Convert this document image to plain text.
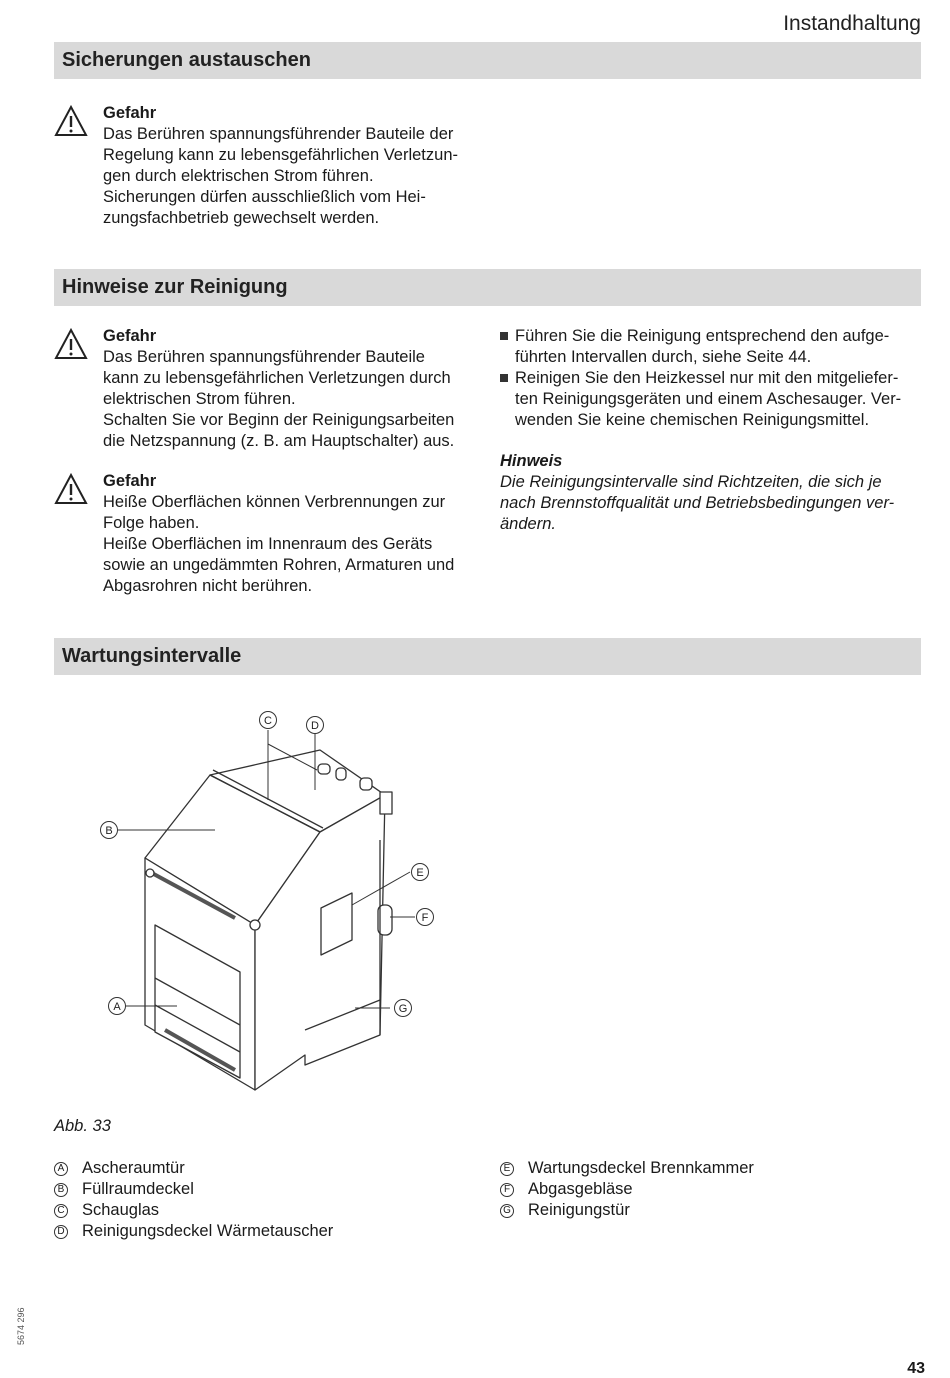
Instandhaltung
Sicherungen austauschen
Gefahr
Das Berühren spannungsführender Bauteile der
Regelung kann zu lebensgefährlichen Verletzun-
gen durch elektrischen Strom führen.
Sicherungen dürfen ausschließlich vom Hei-
zungsfachbetrieb gewechselt werden.
Hinweise zur Reinigung
Gefahr
Das Berühren spannungsführender Bauteile
kann zu lebensgefährlichen Verletzungen durch
elektrischen Strom führen.
Schalten Sie vor Beginn der Reinigungsarbeiten
die Netzspannung (z. B. am Hauptschalter) aus.
Gefahr
Heiße Oberflächen können Verbrennungen zur
Folge haben.
Heiße Oberflächen im Innenraum des Geräts
sowie an ungedämmten Rohren, Armaturen und
Abgasrohren nicht berühren.
Führen Sie die Reinigung entsprechend den aufge-
führten Intervallen durch, siehe Seite 44.
Reinigen Sie den Heizkessel nur mit den mitgeliefer-
ten Reinigungsgeräten und einem Aschesauger. Ver-
wenden Sie keine chemischen Reinigungsmittel.
Hinweis
Die Reinigungsintervalle sind Richtzeiten, die sich je
nach Brennstoffqualität und Betriebsbedingungen ver-
ändern.
Wartungsintervalle
C	D
B
E
F
A	G
Abb. 33
A Ascheraumtür
B Füllraumdeckel
C Schauglas
D Reinigungsdeckel Wärmetauscher
E Wartungsdeckel Brennkammer
F Abgasgebläse
G Reinigungstür
5674 296
43
